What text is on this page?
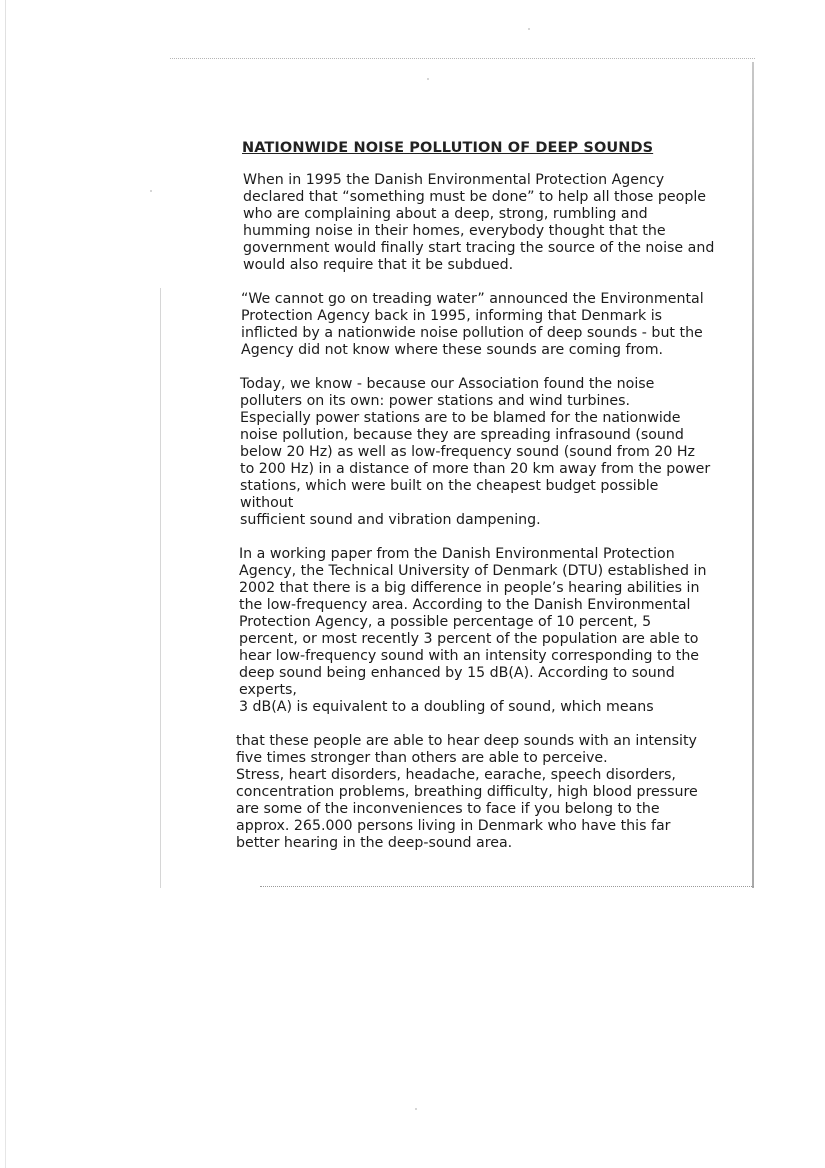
NATIONWIDE NOISE POLLUTION OF DEEP SOUNDS

When in 1995 the Danish Environmental Protection Agency
declared that “something must be done” to help all those people
who are complaining about a deep, strong, rumbling and
humming noise in their homes, everybody thought that the
government would finally start tracing the source of the noise and
would also require that it be subdued.

“We cannot go on treading water” announced the Environmental
Protection Agency back in 1995, informing that Denmark is
inflicted by a nationwide noise pollution of deep sounds - but the
Agency did not know where these sounds are coming from.

Today, we know - because our Association found the noise
polluters on its own: power stations and wind turbines.
Especially power stations are to be blamed for the nationwide
noise pollution, because they are spreading infrasound (sound
below 20 Hz) as well as low-frequency sound (sound from 20 Hz
to 200 Hz) in a distance of more than 20 km away from the power
stations, which were built on the cheapest budget possible without
sufficient sound and vibration dampening.

In a working paper from the Danish Environmental Protection
Agency, the Technical University of Denmark (DTU) established in
2002 that there is a big difference in people’s hearing abilities in
the low-frequency area. According to the Danish Environmental
Protection Agency, a possible percentage of 10 percent, 5
percent, or most recently 3 percent of the population are able to
hear low-frequency sound with an intensity corresponding to the
deep sound being enhanced by 15 dB(A). According to sound
experts,
3 dB(A) is equivalent to a doubling of sound, which means

that these people are able to hear deep sounds with an intensity
five times stronger than others are able to perceive.
Stress, heart disorders, headache, earache, speech disorders,
concentration problems, breathing difficulty, high blood pressure
are some of the inconveniences to face if you belong to the
approx. 265.000 persons living in Denmark who have this far
better hearing in the deep-sound area.
